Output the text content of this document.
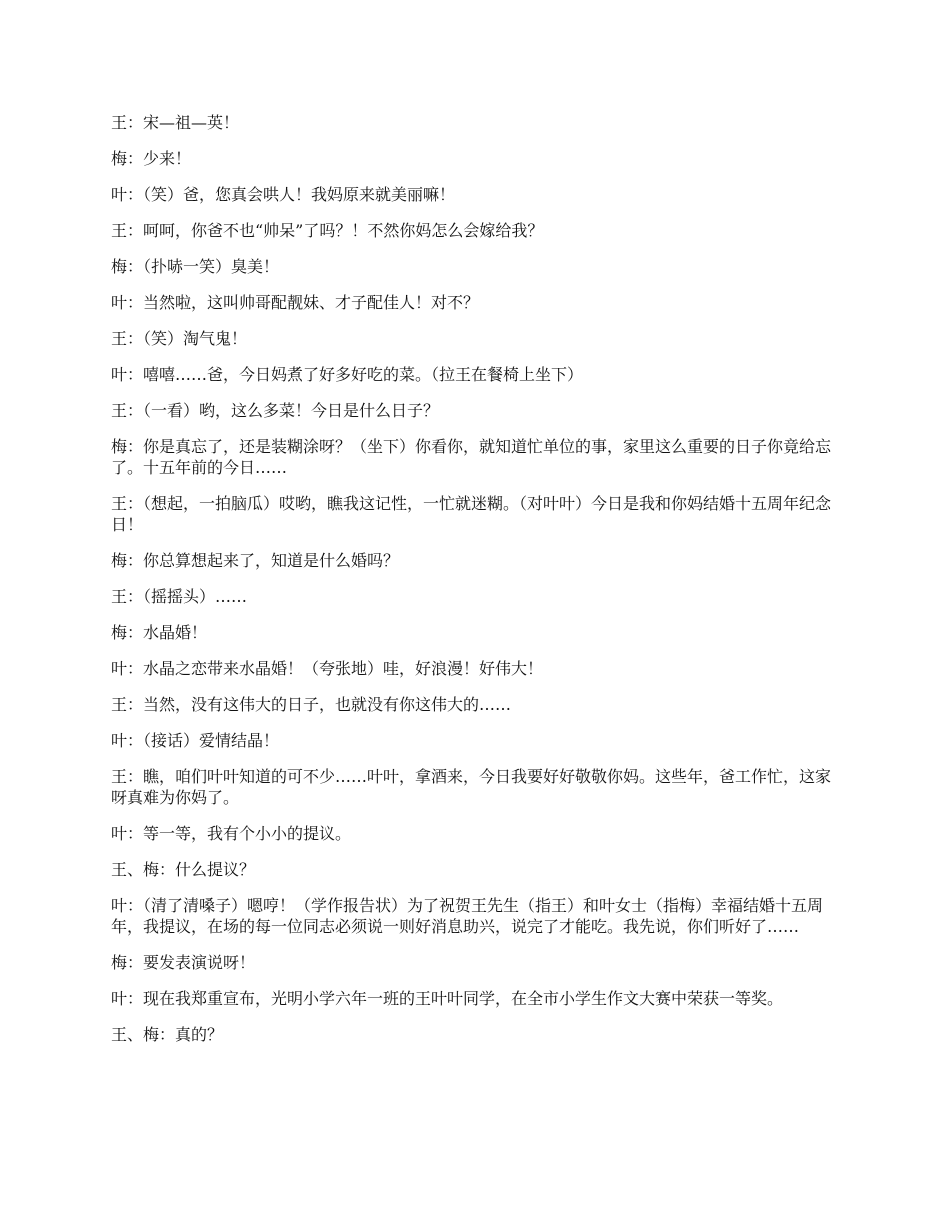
王：宋—祖—英！

梅：少来！

叶：（笑）爸，您真会哄人！我妈原来就美丽嘛！

王：呵呵，你爸不也“帅呆”了吗？！不然你妈怎么会嫁给我？

梅：（扑哧一笑）臭美！

叶：当然啦，这叫帅哥配靓妹、才子配佳人！对不？

王：（笑）淘气鬼！

叶：嘻嘻……爸，今日妈煮了好多好吃的菜。（拉王在餐椅上坐下）

王：（一看）哟，这么多菜！今日是什么日子？

梅：你是真忘了，还是装糊涂呀？（坐下）你看你，就知道忙单位的事，家里这么重要的日子你竟给忘了。十五年前的今日……

王：（想起，一拍脑瓜）哎哟，瞧我这记性，一忙就迷糊。（对叶叶）今日是我和你妈结婚十五周年纪念日！

梅：你总算想起来了，知道是什么婚吗？

王：（摇摇头）……

梅：水晶婚！

叶：水晶之恋带来水晶婚！（夸张地）哇，好浪漫！好伟大！

王：当然，没有这伟大的日子，也就没有你这伟大的……

叶：（接话）爱情结晶！

王：瞧，咱们叶叶知道的可不少……叶叶，拿酒来，今日我要好好敬敬你妈。这些年，爸工作忙，这家呀真难为你妈了。

叶：等一等，我有个小小的提议。

王、梅：什么提议？

叶：（清了清嗓子）嗯哼！（学作报告状）为了祝贺王先生（指王）和叶女士（指梅）幸福结婚十五周年，我提议，在场的每一位同志必须说一则好消息助兴，说完了才能吃。我先说，你们听好了……

梅：要发表演说呀！

叶：现在我郑重宣布，光明小学六年一班的王叶叶同学，在全市小学生作文大赛中荣获一等奖。

王、梅：真的？
